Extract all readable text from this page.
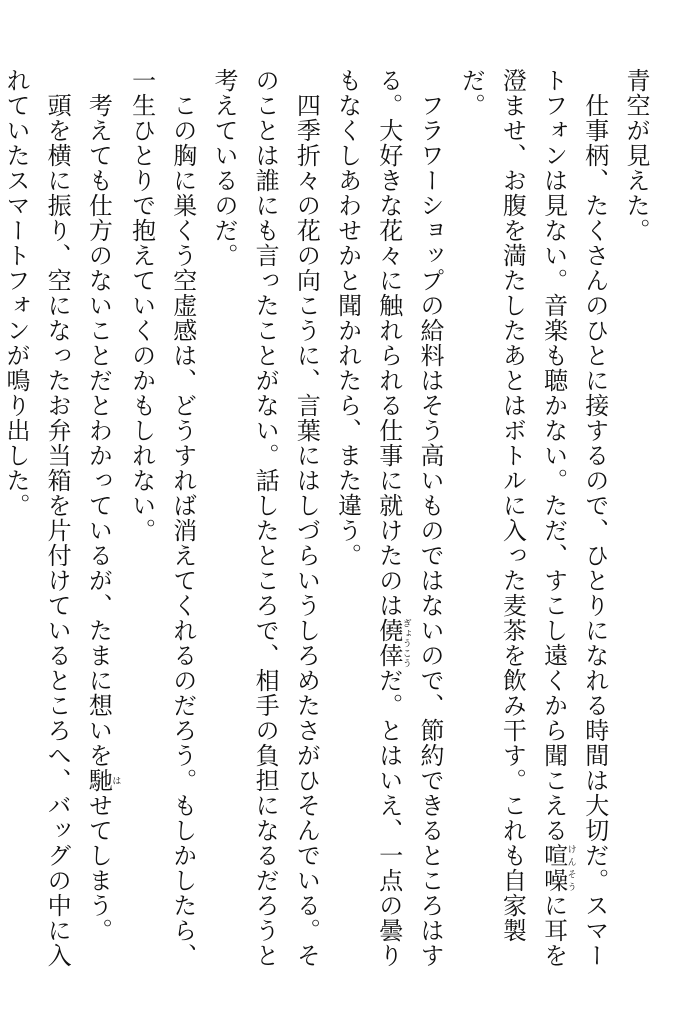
青空が見えた。

　仕事柄、たくさんのひとに接するので、ひとりになれる時間は大切だ。スマートフォンは見ない。音楽も聴かない。ただ、すこし遠くから聞こえる喧噪けんそうに耳を澄ませ、お腹を満たしたあとはボトルに入った麦茶を飲み干す。これも自家製だ。

　フラワーショップの給料はそう高いものではないので、節約できるところはする。大好きな花々に触れられる仕事に就けたのは僥倖ぎょうこうだ。とはいえ、一点の曇りもなくしあわせかと聞かれたら、また違う。

　四季折々の花の向こうに、言葉にはしづらいうしろめたさがひそんでいる。そのことは誰にも言ったことがない。話したところで、相手の負担になるだろうと考えているのだ。

　この胸に巣くう空虚感は、どうすれば消えてくれるのだろう。もしかしたら、一生ひとりで抱えていくのかもしれない。

　考えても仕方のないことだとわかっているが、たまに想いを馳はせてしまう。

　頭を横に振り、空になったお弁当箱を片付けているところへ、バッグの中に入れていたスマートフォンが鳴り出した。
